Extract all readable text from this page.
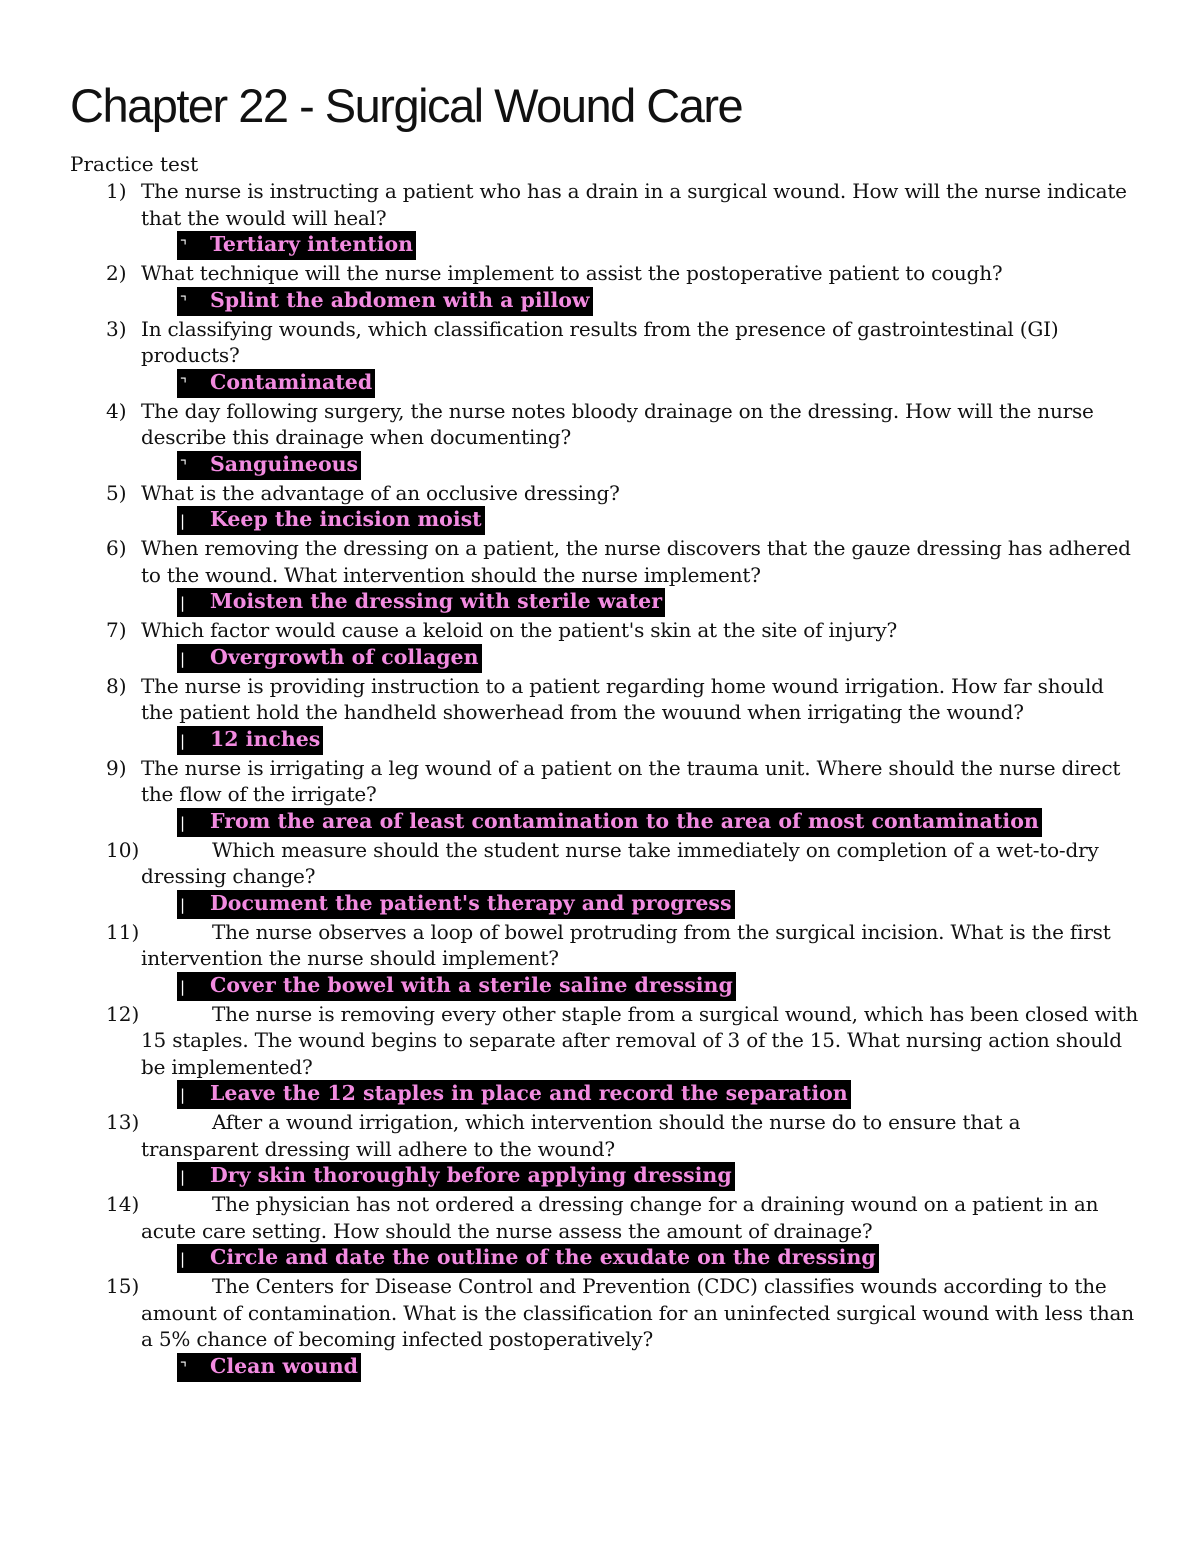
Chapter 22 - Surgical Wound Care

Practice test

1) The nurse is instructing a patient who has a drain in a surgical wound. How will the nurse indicate that the would will heal?
⌝ Tertiary intention
2) What technique will the nurse implement to assist the postoperative patient to cough?
⌝ Splint the abdomen with a pillow
3) In classifying wounds, which classification results from the presence of gastrointestinal (GI) products?
⌝ Contaminated
4) The day following surgery, the nurse notes bloody drainage on the dressing. How will the nurse describe this drainage when documenting?
⌝ Sanguineous
5) What is the advantage of an occlusive dressing?
| Keep the incision moist
6) When removing the dressing on a patient, the nurse discovers that the gauze dressing has adhered to the wound. What intervention should the nurse implement?
| Moisten the dressing with sterile water
7) Which factor would cause a keloid on the patient's skin at the site of injury?
| Overgrowth of collagen
8) The nurse is providing instruction to a patient regarding home wound irrigation. How far should the patient hold the handheld showerhead from the wouund when irrigating the wound?
| 12 inches
9) The nurse is irrigating a leg wound of a patient on the trauma unit. Where should the nurse direct the flow of the irrigate?
| From the area of least contamination to the area of most contamination
10)	Which measure should the student nurse take immediately on completion of a wet-to-dry dressing change?
| Document the patient's therapy and progress
11)	The nurse observes a loop of bowel protruding from the surgical incision. What is the first intervention the nurse should implement?
| Cover the bowel with a sterile saline dressing
12)	The nurse is removing every other staple from a surgical wound, which has been closed with 15 staples. The wound begins to separate after removal of 3 of the 15. What nursing action should be implemented?
| Leave the 12 staples in place and record the separation
13)	After a wound irrigation, which intervention should the nurse do to ensure that a transparent dressing will adhere to the wound?
| Dry skin thoroughly before applying dressing
14)	The physician has not ordered a dressing change for a draining wound on a patient in an acute care setting. How should the nurse assess the amount of drainage?
| Circle and date the outline of the exudate on the dressing
15)	The Centers for Disease Control and Prevention (CDC) classifies wounds according to the amount of contamination. What is the classification for an uninfected surgical wound with less than a 5% chance of becoming infected postoperatively?
⌝ Clean wound
